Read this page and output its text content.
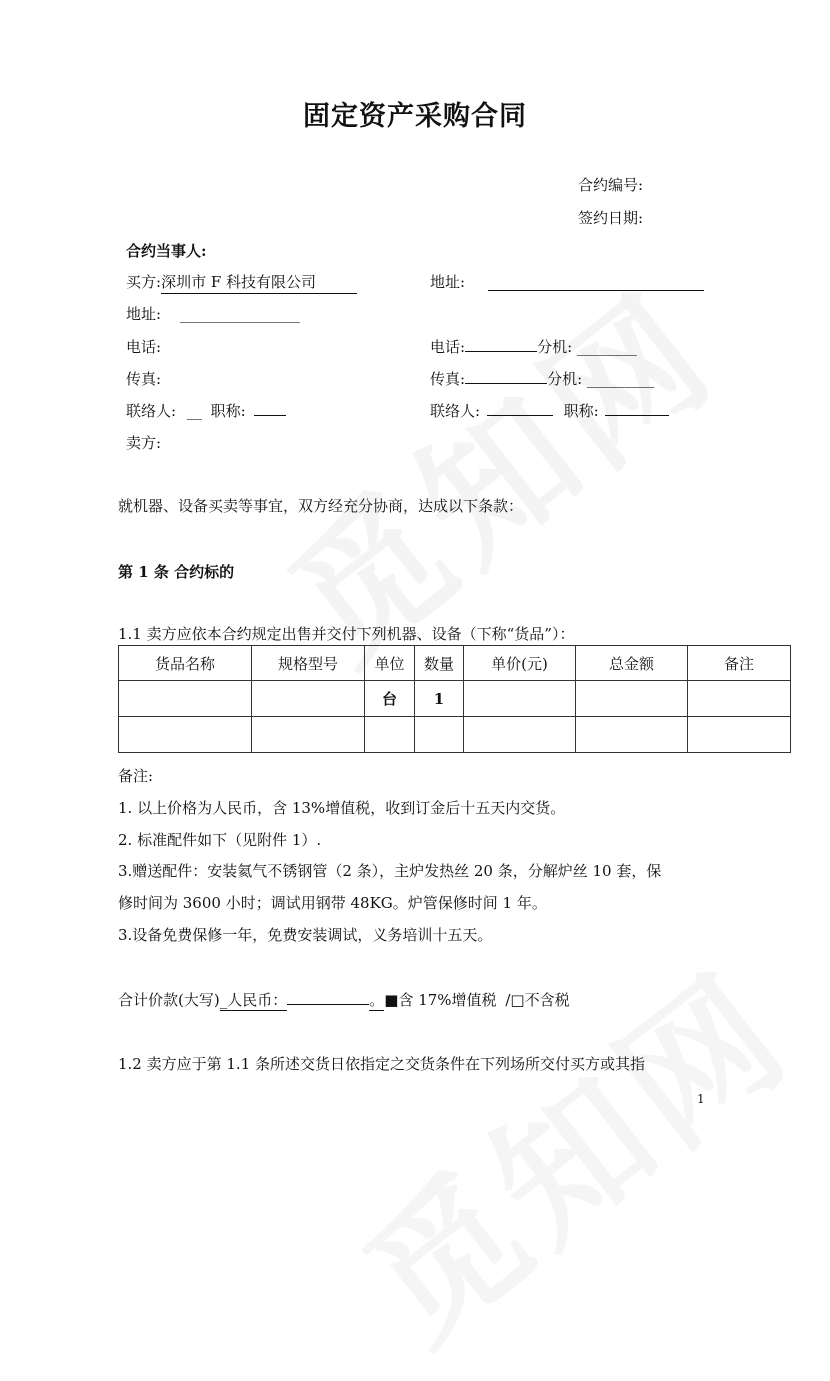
固定资产采购合同
合约编号:
签约日期:
合约当事人:
买方:深圳市 F 科技有限公司	地址:
地址: ________________
电话:	电话:	分机: ________
传真:	传真:	分机: _________
联络人: __ 职称:	联络人:	职称:
卖方:
就机器、设备买卖等事宜，双方经充分协商，达成以下条款：
第 1 条 合约标的
1.1 卖方应依本合约规定出售并交付下列机器、设备（下称“货品”）：
货品名称	规格型号	单位	数量	单价(元)	总金额	备注
		台	1			

备注:
1. 以上价格为人民币，含 13%增值税，收到订金后十五天内交货。
2. 标准配件如下（见附件 1）.
3.赠送配件：安装氦气不锈钢管（2 条），主炉发热丝 20 条，分解炉丝 10 套，保
修时间为 3600 小时；调试用钢带 48KG。炉管保修时间 1 年。
3.设备免费保修一年，免费安装调试，义务培训十五天。
合计价款(大写)_人民币：	。■含 17%增值税 /□不含税
1.2 卖方应于第 1.1 条所述交货日依指定之交货条件在下列场所交付买方或其指
1
